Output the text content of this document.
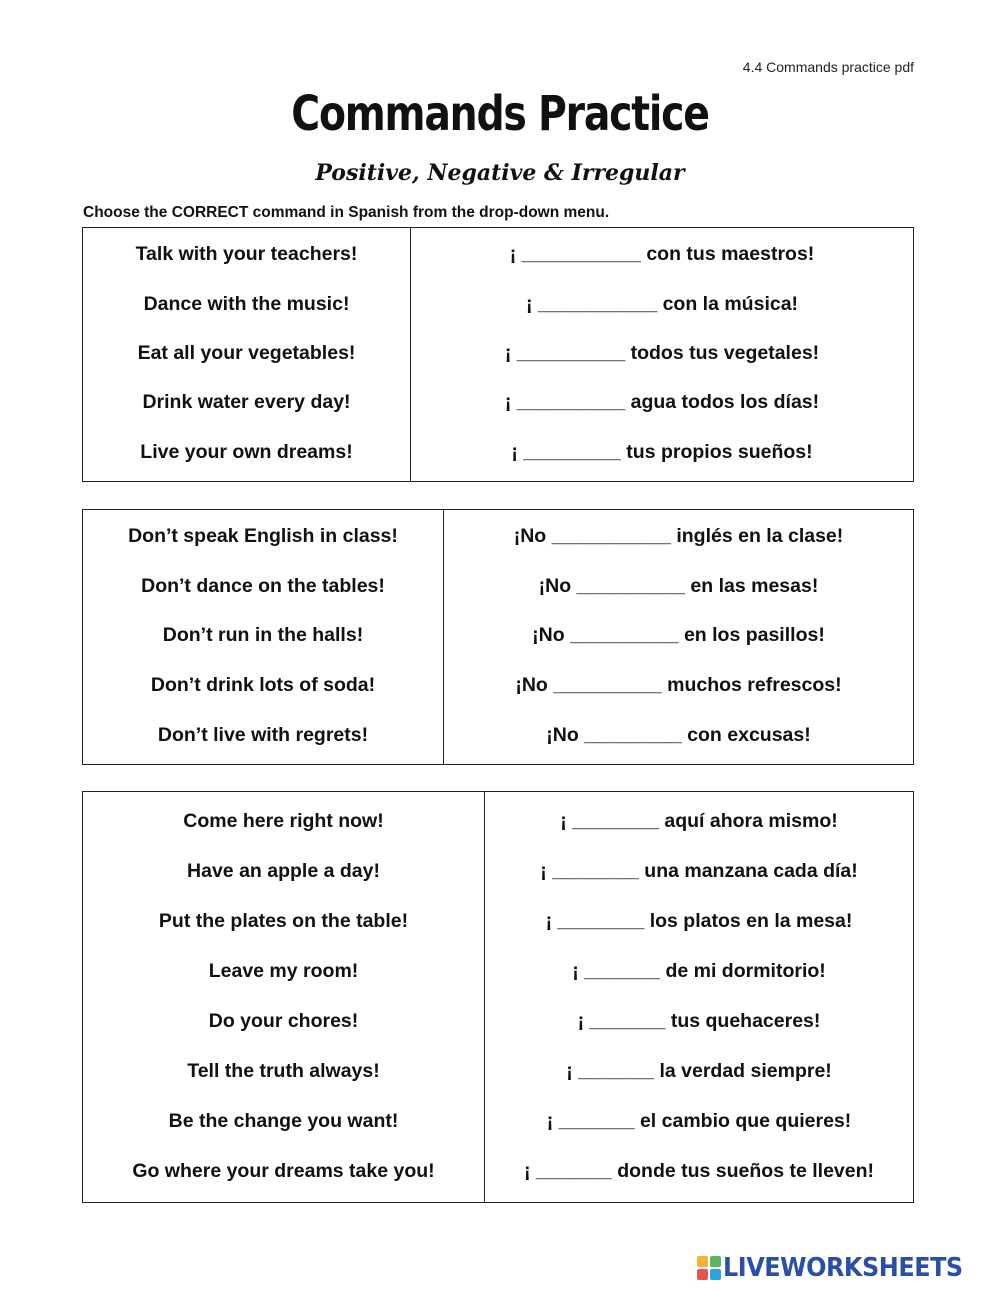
4.4 Commands practice pdf
Commands Practice
Positive, Negative & Irregular
Choose the CORRECT command in Spanish from the drop-down menu.
Talk with your teachers!
Dance with the music!
Eat all your vegetables!
Drink water every day!
Live your own dreams!
¡ ___________ con tus maestros!
¡ ___________ con la música!
¡ __________ todos tus vegetales!
¡ __________ agua todos los días!
¡ _________ tus propios sueños!
Don’t speak English in class!
Don’t dance on the tables!
Don’t run in the halls!
Don’t drink lots of soda!
Don’t live with regrets!
¡No ___________ inglés en la clase!
¡No __________ en las mesas!
¡No __________ en los pasillos!
¡No __________ muchos refrescos!
¡No _________ con excusas!
Come here right now!
Have an apple a day!
Put the plates on the table!
Leave my room!
Do your chores!
Tell the truth always!
Be the change you want!
Go where your dreams take you!
¡ ________ aquí ahora mismo!
¡ ________ una manzana cada día!
¡ ________ los platos en la mesa!
¡ _______ de mi dormitorio!
¡ _______ tus quehaceres!
¡ _______ la verdad siempre!
¡ _______ el cambio que quieres!
¡ _______ donde tus sueños te lleven!
LIVEWORKSHEETS
